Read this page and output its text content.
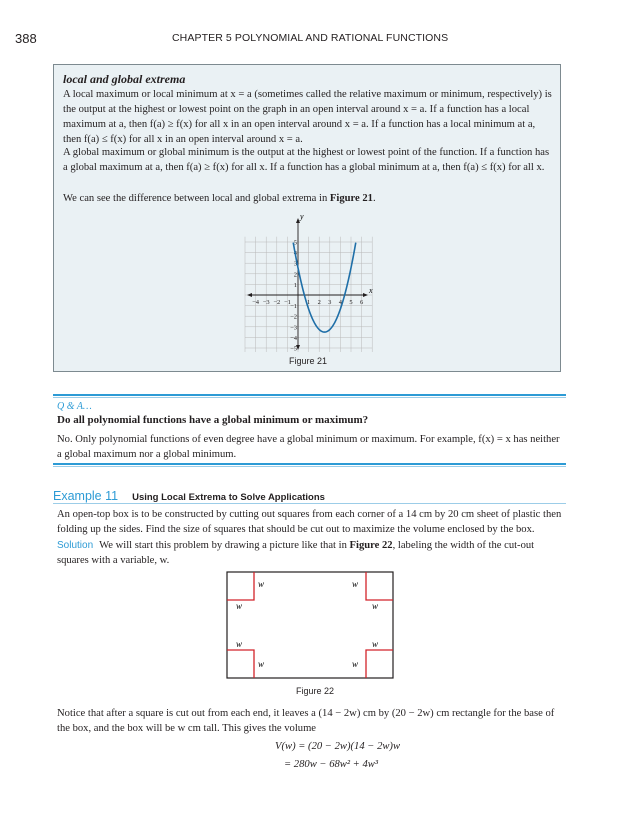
388	CHAPTER 5 POLYNOMIAL AND RATIONAL FUNCTIONS
local and global extrema

A local maximum or local minimum at x = a (sometimes called the relative maximum or minimum, respectively) is the output at the highest or lowest point on the graph in an open interval around x = a. If a function has a local maximum at a, then f(a) ≥ f(x) for all x in an open interval around x = a. If a function has a local minimum at a, then f(a) ≤ f(x) for all x in an open interval around x = a.

A global maximum or global minimum is the output at the highest or lowest point of the function. If a function has a global maximum at a, then f(a) ≥ f(x) for all x. If a function has a global minimum at a, then f(a) ≤ f(x) for all x.

We can see the difference between local and global extrema in Figure 21.

x
y
−4 −3 −2 −1 1 2 3 4 5 6
1
2
3
4
5
−1
−2
−3
−4
−5
Figure 21
Q & A…
Do all polynomial functions have a global minimum or maximum?

No. Only polynomial functions of even degree have a global minimum or maximum. For example, f(x) = x has neither a global maximum nor a global minimum.

Example 11 Using Local Extrema to Solve Applications

An open-top box is to be constructed by cutting out squares from each corner of a 14 cm by 20 cm sheet of plastic then folding up the sides. Find the size of squares that should be cut out to maximize the volume enclosed by the box.

Solution We will start this problem by drawing a picture like that in Figure 22, labeling the width of the cut-out squares with a variable, w.

w
w
w
w
w
w
w
w
Figure 22

Notice that after a square is cut out from each end, it leaves a (14 − 2w) cm by (20 − 2w) cm rectangle for the base of the box, and the box will be w cm tall. This gives the volume

V(w) = (20 − 2w)(14 − 2w)w
= 280w − 68w² + 4w³
